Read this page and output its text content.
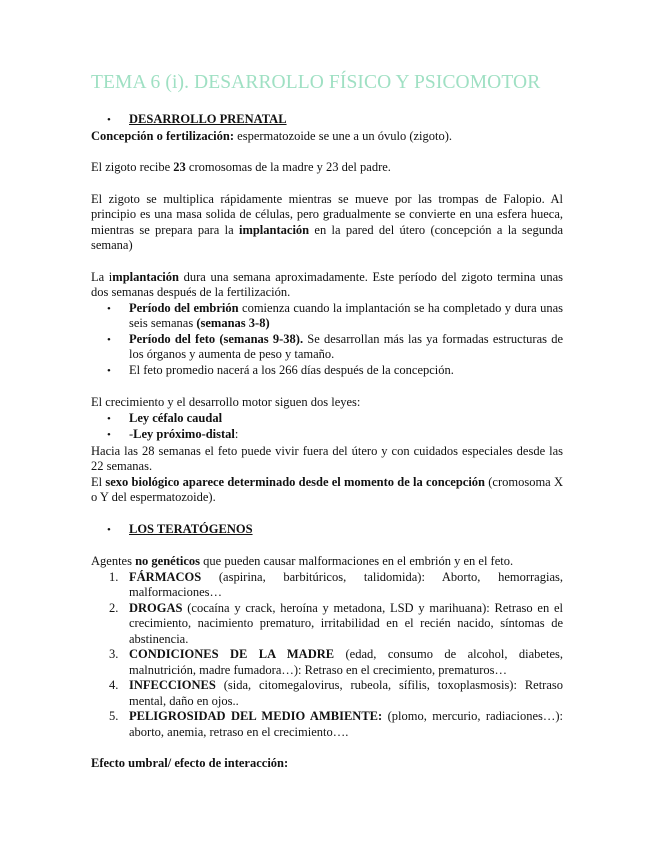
TEMA 6 (i). DESARROLLO FÍSICO Y PSICOMOTOR
•	DESARROLLO PRENATAL

Concepción o fertilización: espermatozoide se une a un óvulo (zigoto).

El zigoto recibe 23 cromosomas de la madre y 23 del padre.

El zigoto se multiplica rápidamente mientras se mueve por las trompas de Falopio. Al principio es una masa solida de células, pero gradualmente se convierte en una esfera hueca, mientras se prepara para la implantación en la pared del útero (concepción a la segunda semana)

La implantación dura una semana aproximadamente. Este período del zigoto termina unas dos semanas después de la fertilización.

•	Período del embrión comienza cuando la implantación se ha completado y dura unas seis semanas (semanas 3-8)
•	Período del feto (semanas 9-38). Se desarrollan más las ya formadas estructuras de los órganos y aumenta de peso y tamaño.
•	El feto promedio nacerá a los 266 días después de la concepción.

El crecimiento y el desarrollo motor siguen dos leyes:

•	Ley céfalo caudal
•	-Ley próximo-distal:

Hacia las 28 semanas el feto puede vivir fuera del útero y con cuidados especiales desde las 22 semanas.

El sexo biológico aparece determinado desde el momento de la concepción (cromosoma X o Y del espermatozoide).

•	LOS TERATÓGENOS

Agentes no genéticos que pueden causar malformaciones en el embrión y en el feto.

1. FÁRMACOS (aspirina, barbitúricos, talidomida): Aborto, hemorragias, malformaciones…
2. DROGAS (cocaína y crack, heroína y metadona, LSD y marihuana): Retraso en el crecimiento, nacimiento prematuro, irritabilidad en el recién nacido, síntomas de abstinencia.
3. CONDICIONES DE LA MADRE (edad, consumo de alcohol, diabetes, malnutrición, madre fumadora…): Retraso en el crecimiento, prematuros…
4. INFECCIONES (sida, citomegalovirus, rubeola, sífilis, toxoplasmosis): Retraso mental, daño en ojos..
5. PELIGROSIDAD DEL MEDIO AMBIENTE: (plomo, mercurio, radiaciones…): aborto, anemia, retraso en el crecimiento….

Efecto umbral/ efecto de interacción:
